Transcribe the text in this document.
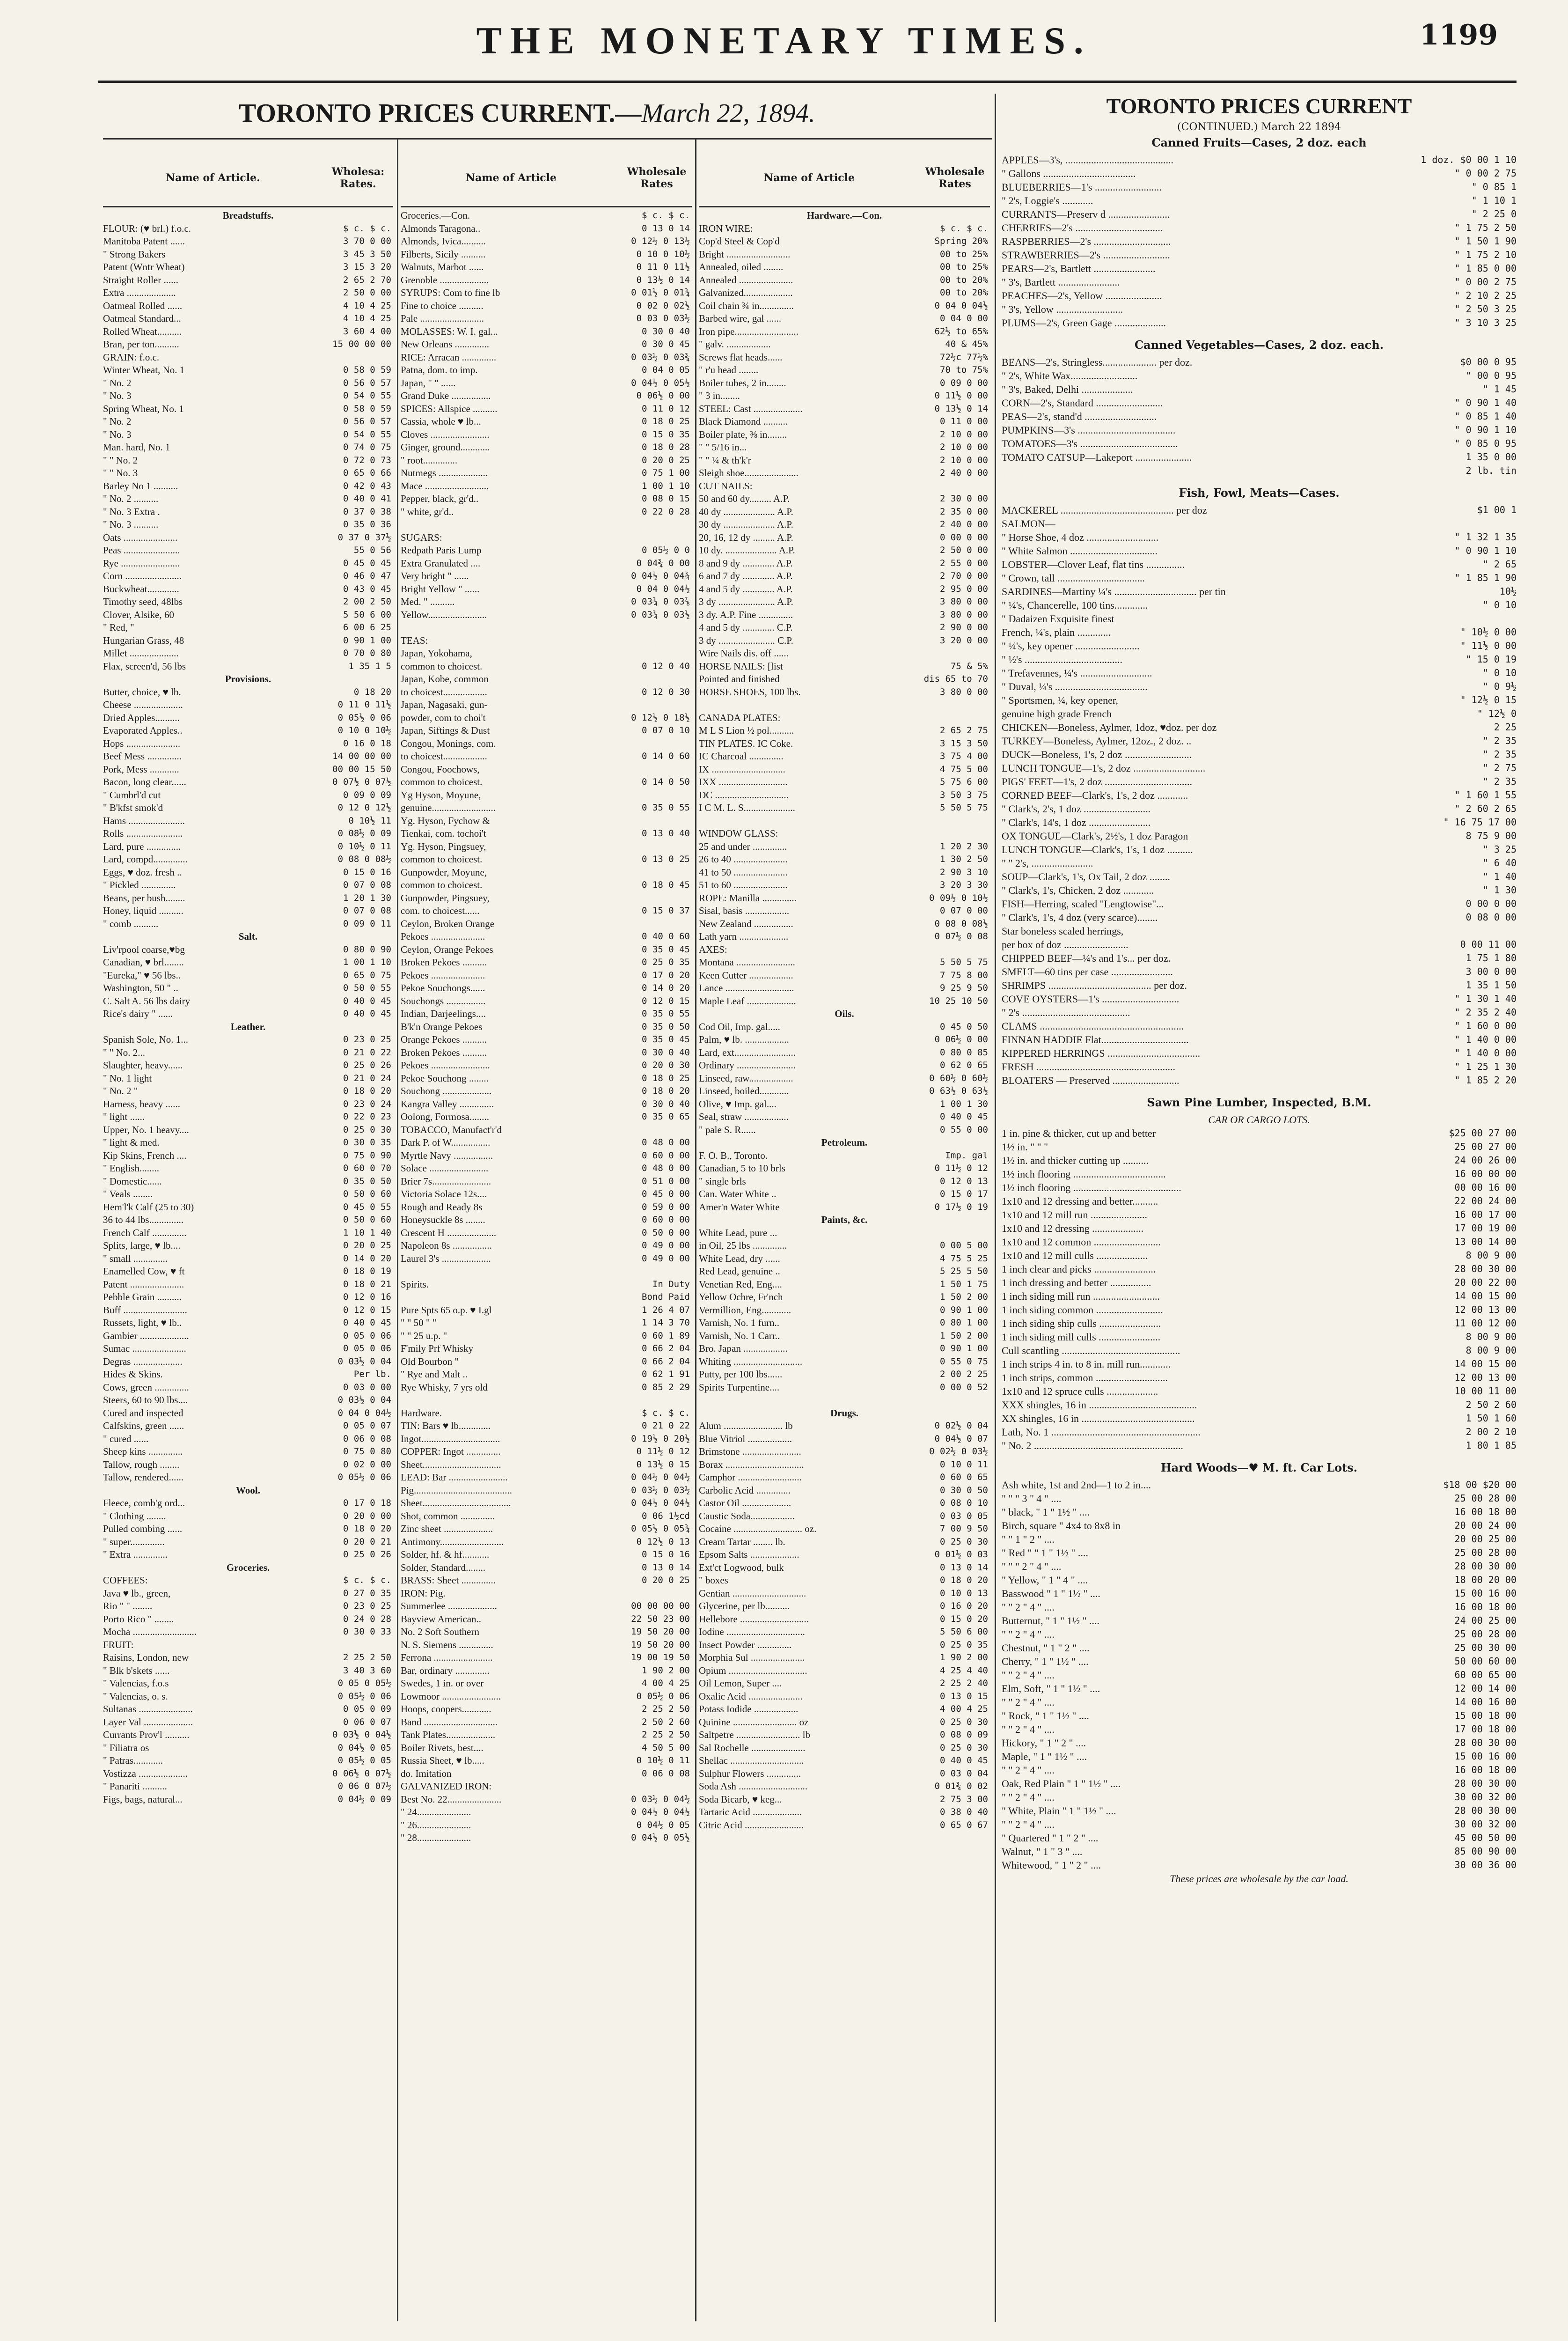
THE MONETARY TIMES.	1199
TORONTO PRICES CURRENT.—March 22, 1894.
Name of Article.	Wholesa: Rates.
Breadstuffs.
FLOUR: (♥ brl.) f.o.c.	$ c. $ c.
Manitoba Patent ......	3 70 0 00
" Strong Bakers	3 45 3 50
Patent (Wntr Wheat)	3 15 3 20
Straight Roller ......	2 65 2 70
Extra ....................	2 50 0 00
Oatmeal Rolled ......	4 10 4 25
Oatmeal Standard...	4 10 4 25
Rolled Wheat..........	3 60 4 00
Bran, per ton..........	15 00 00 00
GRAIN: f.o.c.
Winter Wheat, No. 1	0 58 0 59
" No. 2	0 56 0 57
" No. 3	0 54 0 55
Spring Wheat, No. 1	0 58 0 59
" No. 2	0 56 0 57
" No. 3	0 54 0 55
Man. hard, No. 1	0 74 0 75
" " No. 2	0 72 0 73
" " No. 3	0 65 0 66
Barley No 1 ..........	0 42 0 43
" No. 2 ..........	0 40 0 41
" No. 3 Extra .	0 37 0 38
" No. 3 ..........	0 35 0 36
Oats ......................	0 37 0 37½
Peas .......................	55 0 56
Rye ........................	0 45 0 45
Corn .......................	0 46 0 47
Buckwheat.............	0 43 0 45
Timothy seed, 48lbs	2 00 2 50
Clover, Alsike, 60	5 50 6 00
" Red, "	6 00 6 25
Hungarian Grass, 48	0 90 1 00
Millet ....................	0 70 0 80
Flax, screen'd, 56 lbs	1 35 1 5
Provisions.
Butter, choice, ♥ lb.	0 18 20
Cheese ....................	0 11 0 11½
Dried Apples..........	0 05½ 0 06
Evaporated Apples..	0 10 0 10½
Hops ......................	0 16 0 18
Beef Mess ..............	14 00 00 00
Pork, Mess ............	00 00 15 50
Bacon, long clear......	0 07½ 0 07½
" Cumbrl'd cut	0 09 0 09
" B'kfst smok'd	0 12 0 12½
Hams .......................	0 10½ 11
Rolls .......................	0 08½ 0 09
Lard, pure ..............	0 10½ 0 11
Lard, compd..............	0 08 0 08½
Eggs, ♥ doz. fresh ..	0 15 0 16
" Pickled ..............	0 07 0 08
Beans, per bush........	1 20 1 30
Honey, liquid ..........	0 07 0 08
" comb ..........	0 09 0 11
Salt.
Liv'rpool coarse,♥bg	0 80 0 90
Canadian, ♥ brl........	1 00 1 10
"Eureka," ♥ 56 lbs..	0 65 0 75
Washington, 50 " ..	0 50 0 55
C. Salt A. 56 lbs dairy	0 40 0 45
Rice's dairy " ......	0 40 0 45
Leather.
Spanish Sole, No. 1...	0 23 0 25
" " No. 2...	0 21 0 22
Slaughter, heavy......	0 25 0 26
" No. 1 light	0 21 0 24
" No. 2 "	0 18 0 20
Harness, heavy ......	0 23 0 24
" light ......	0 22 0 23
Upper, No. 1 heavy....	0 25 0 30
" light & med.	0 30 0 35
Kip Skins, French ....	0 75 0 90
" English........	0 60 0 70
" Domestic......	0 35 0 50
" Veals ........	0 50 0 60
Hem'l'k Calf (25 to 30)	0 45 0 55
36 to 44 lbs..............	0 50 0 60
French Calf ..............	1 10 1 40
Splits, large, ♥ lb....	0 20 0 25
" small ..............	0 14 0 20
Enamelled Cow, ♥ ft	0 18 0 19
Patent ......................	0 18 0 21
Pebble Grain ..........	0 12 0 16
Buff ..........................	0 12 0 15
Russets, light, ♥ lb..	0 40 0 45
Gambier ....................	0 05 0 06
Sumac ......................	0 05 0 06
Degras ....................	0 03½ 0 04
Hides & Skins.	Per lb.
Cows, green ..............	0 03 0 00
Steers, 60 to 90 lbs....	0 03½ 0 04
Cured and inspected	0 04 0 04½
Calfskins, green ......	0 05 0 07
" cured ......	0 06 0 08
Sheep kins ..............	0 75 0 80
Tallow, rough ........	0 02 0 00
Tallow, rendered......	0 05½ 0 06
Wool.
Fleece, comb'g ord...	0 17 0 18
" Clothing ........	0 20 0 00
Pulled combing ......	0 18 0 20
" super..............	0 20 0 21
" Extra ..............	0 25 0 26
Groceries.
COFFEES:	$ c. $ c.
Java ♥ lb., green,	0 27 0 35
Rio " " ........	0 23 0 25
Porto Rico " ........	0 24 0 28
Mocha ..........................	0 30 0 33
FRUIT:
Raisins, London, new	2 25 2 50
" Blk b'skets ......	3 40 3 60
" Valencias, f.o.s	0 05 0 05½
" Valencias, o. s.	0 05½ 0 06
Sultanas ......................	0 05 0 09
Layer Val ....................	0 06 0 07
Currants Prov'l ..........	0 03½ 0 04½
" Filiatra os	0 04½ 0 05
" Patras............	0 05½ 0 05
Vostizza ....................	0 06½ 0 07½
" Panariti ..........	0 06 0 07½
Figs, bags, natural...	0 04½ 0 09
Name of Article	Wholesale Rates
Groceries.—Con.	$ c. $ c.
Almonds Taragona..	0 13 0 14
Almonds, Ivica..........	0 12½ 0 13½
Filberts, Sicily ..........	0 10 0 10½
Walnuts, Marbot ......	0 11 0 11½
Grenoble ....................	0 13½ 0 14
SYRUPS: Com to fine lb	0 01½ 0 01¾
Fine to choice ..........	0 02 0 02½
Pale ..........................	0 03 0 03½
MOLASSES: W. I. gal...	0 30 0 40
New Orleans ..............	0 30 0 45
RICE: Arracan ..............	0 03½ 0 03¾
Patna, dom. to imp.	0 04 0 05
Japan, " " ......	0 04½ 0 05½
Grand Duke ................	0 06½ 0 00
SPICES: Allspice ..........	0 11 0 12
Cassia, whole ♥ lb...	0 18 0 25
Cloves ........................	0 15 0 35
Ginger, ground............	0 18 0 28
" root..............	0 20 0 25
Nutmegs ....................	0 75 1 00
Mace ..........................	1 00 1 10
Pepper, black, gr'd..	0 08 0 15
" white, gr'd..	0 22 0 28
SUGARS:
Redpath Paris Lump	0 05½ 0 0
Extra Granulated ....	0 04¾ 0 00
Very bright " ......	0 04½ 0 04¾
Bright Yellow " ......	0 04 0 04½
Med. " ..........	0 03¾ 0 03⅞
Yellow........................	0 03¾ 0 03½
TEAS:
Japan, Yokohama,
common to choicest.	0 12 0 40
Japan, Kobe, common
to choicest..................	0 12 0 30
Japan, Nagasaki, gun-
powder, com to choi't	0 12½ 0 18½
Japan, Siftings & Dust	0 07 0 10
Congou, Monings, com.
to choicest..................	0 14 0 60
Congou, Foochows,
common to choicest.	0 14 0 50
Yg Hyson, Moyune,
genuine..........................	0 35 0 55
Yg. Hyson, Fychow &
Tienkai, com. tochoi't	0 13 0 40
Yg. Hyson, Pingsuey,
common to choicest.	0 13 0 25
Gunpowder, Moyune,
common to choicest.	0 18 0 45
Gunpowder, Pingsuey,
com. to choicest......	0 15 0 37
Ceylon, Broken Orange
Pekoes ......................	0 40 0 60
Ceylon, Orange Pekoes	0 35 0 45
Broken Pekoes ..........	0 25 0 35
Pekoes ......................	0 17 0 20
Pekoe Souchongs......	0 14 0 20
Souchongs ................	0 12 0 15
Indian, Darjeelings....	0 35 0 55
B'k'n Orange Pekoes	0 35 0 50
Orange Pekoes ..........	0 35 0 45
Broken Pekoes ..........	0 30 0 40
Pekoes ........................	0 20 0 30
Pekoe Souchong ........	0 18 0 25
Souchong ....................	0 18 0 20
Kangra Valley ..............	0 30 0 40
Oolong, Formosa........	0 35 0 65
TOBACCO, Manufact'r'd
Dark P. of W................	0 48 0 00
Myrtle Navy ................	0 60 0 00
Solace ........................	0 48 0 00
Brier 7s........................	0 51 0 00
Victoria Solace 12s....	0 45 0 00
Rough and Ready 8s	0 59 0 00
Honeysuckle 8s ........	0 60 0 00
Crescent H ....................	0 50 0 00
Napoleon 8s ................	0 49 0 00
Laurel 3's ....................	0 49 0 00
Spirits.	In Duty
Bond Paid
Pure Spts 65 o.p. ♥ I.gl	1 26 4 07
" " 50 " "	1 14 3 70
" " 25 u.p. "	0 60 1 89
F'mily Prf Whisky	0 66 2 04
Old Bourbon "	0 66 2 04
" Rye and Malt ..	0 62 1 91
Rye Whisky, 7 yrs old	0 85 2 29
Hardware.	$ c. $ c.
TIN: Bars ♥ lb.............	0 21 0 22
Ingot................................	0 19½ 0 20½
COPPER: Ingot ..............	0 11½ 0 12
Sheet................................	0 13½ 0 15
LEAD: Bar ........................	0 04½ 0 04½
Pig........................................	0 03½ 0 03½
Sheet....................................	0 04½ 0 04½
Shot, common ..............	0 06 1½cd
Zinc sheet ....................	0 05½ 0 05¾
Antimony..........................	0 12½ 0 13
Solder, hf. & hf...........	0 15 0 16
Solder, Standard........	0 13 0 14
BRASS: Sheet ..............	0 20 0 25
IRON: Pig.
Summerlee ....................	00 00 00 00
Bayview American..	22 50 23 00
No. 2 Soft Southern	19 50 20 00
N. S. Siemens ..............	19 50 20 00
Ferrona ........................	19 00 19 50
Bar, ordinary ..............	1 90 2 00
Swedes, 1 in. or over	4 00 4 25
Lowmoor ........................	0 05½ 0 06
Hoops, coopers............	2 25 2 50
Band ..............................	2 50 2 60
Tank Plates....................	2 25 2 50
Boiler Rivets, best....	4 50 5 00
Russia Sheet, ♥ lb.....	0 10½ 0 11
do. Imitation	0 06 0 08
GALVANIZED IRON:
Best No. 22......................	0 03½ 0 04½
" 24......................	0 04½ 0 04½
" 26......................	0 04½ 0 05
" 28......................	0 04½ 0 05½
Name of Article	Wholesale Rates
Hardware.—Con.
IRON WIRE:	$ c. $ c.
Cop'd Steel & Cop'd	Spring 20%
Bright ..........................	00 to 25%
Annealed, oiled ........	00 to 25%
Annealed ......................	00 to 20%
Galvanized....................	00 to 20%
Coil chain ¾ in..............	0 04 0 04½
Barbed wire, gal ......	0 04 0 00
Iron pipe..........................	62½ to 65%
" galv. ..................	40 & 45%
Screws flat heads......	72½c 77½%
" r'u head ........	70 to 75%
Boiler tubes, 2 in........	0 09 0 00
" 3 in........	0 11½ 0 00
STEEL: Cast ....................	0 13½ 0 14
Black Diamond ..........	0 11 0 00
Boiler plate, ⅜ in........	2 10 0 00
" " 5/16 in...	2 10 0 00
" " ¼ & th'k'r	2 10 0 00
Sleigh shoe......................	2 40 0 00
CUT NAILS:
50 and 60 dy......... A.P.	2 30 0 00
40 dy ..................... A.P.	2 35 0 00
30 dy ..................... A.P.	2 40 0 00
20, 16, 12 dy ......... A.P.	0 00 0 00
10 dy. ..................... A.P.	2 50 0 00
8 and 9 dy ............. A.P.	2 55 0 00
6 and 7 dy ............. A.P.	2 70 0 00
4 and 5 dy ............. A.P.	2 95 0 00
3 dy ....................... A.P.	3 80 0 00
3 dy. A.P. Fine ..............	3 80 0 00
4 and 5 dy ............. C.P.	2 90 0 00
3 dy ....................... C.P.	3 20 0 00
Wire Nails dis. off ......
HORSE NAILS: [list	75 & 5%
Pointed and finished	dis 65 to 70
HORSE SHOES, 100 lbs.	3 80 0 00
CANADA PLATES:
M L S Lion ½ pol..........	2 65 2 75
TIN PLATES. IC Coke.	3 15 3 50
IC Charcoal ..............	3 75 4 00
IX ..............................	4 75 5 00
IXX ............................	5 75 6 00
DC ..............................	3 50 3 75
I C M. L. S.....................	5 50 5 75
WINDOW GLASS:
25 and under ..............	1 20 2 30
26 to 40 ......................	1 30 2 50
41 to 50 ......................	2 90 3 10
51 to 60 ......................	3 20 3 30
ROPE: Manilla ..............	0 09½ 0 10½
Sisal, basis ..................	0 07 0 00
New Zealand ................	0 08 0 08½
Lath yarn ....................	0 07½ 0 08
AXES:
Montana ........................	5 50 5 75
Keen Cutter ..................	7 75 8 00
Lance ............................	9 25 9 50
Maple Leaf ....................	10 25 10 50
Oils.
Cod Oil, Imp. gal.....	0 45 0 50
Palm, ♥ lb. ..................	0 06½ 0 00
Lard, ext.........................	0 80 0 85
Ordinary ........................	0 62 0 65
Linseed, raw..................	0 60½ 0 60½
Linseed, boiled............	0 63½ 0 63½
Olive, ♥ Imp. gal....	1 00 1 30
Seal, straw ..................	0 40 0 45
" pale S. R......	0 55 0 00
Petroleum.
F. O. B., Toronto.	Imp. gal
Canadian, 5 to 10 brls	0 11½ 0 12
" single brls	0 12 0 13
Can. Water White ..	0 15 0 17
Amer'n Water White	0 17½ 0 19
Paints, &c.
White Lead, pure ...
in Oil, 25 lbs ..............	0 00 5 00
White Lead, dry ......	4 75 5 25
Red Lead, genuine ..	5 25 5 50
Venetian Red, Eng....	1 50 1 75
Yellow Ochre, Fr'nch	1 50 2 00
Vermillion, Eng............	0 90 1 00
Varnish, No. 1 furn..	0 80 1 00
Varnish, No. 1 Carr..	1 50 2 00
Bro. Japan ..................	0 90 1 00
Whiting ............................	0 55 0 75
Putty, per 100 lbs......	2 00 2 25
Spirits Turpentine....	0 00 0 52
Drugs.
Alum ........................ lb	0 02½ 0 04
Blue Vitriol ..................	0 04½ 0 07
Brimstone ........................	0 02½ 0 03½
Borax ................................	0 10 0 11
Camphor ..........................	0 60 0 65
Carbolic Acid ..............	0 30 0 50
Castor Oil ....................	0 08 0 10
Caustic Soda..................	0 03 0 05
Cocaine ............................ oz.	7 00 9 50
Cream Tartar ........ lb.	0 25 0 30
Epsom Salts ....................	0 01½ 0 03
Ext'ct Logwood, bulk	0 13 0 14
" boxes	0 18 0 20
Gentian ..............................	0 10 0 13
Glycerine, per lb..........	0 16 0 20
Hellebore ............................	0 15 0 20
Iodine ................................	5 50 6 00
Insect Powder ..............	0 25 0 35
Morphia Sul ......................	1 90 2 00
Opium ................................	4 25 4 40
Oil Lemon, Super ....	2 25 2 40
Oxalic Acid ......................	0 13 0 15
Potass Iodide ..................	4 00 4 25
Quinine .......................... oz	0 25 0 30
Saltpetre .......................... lb	0 08 0 09
Sal Rochelle ......................	0 25 0 30
Shellac ..............................	0 40 0 45
Sulphur Flowers ..............	0 03 0 04
Soda Ash ............................	0 01¾ 0 02
Soda Bicarb, ♥ keg...	2 75 3 00
Tartaric Acid ....................	0 38 0 40
Citric Acid ........................	0 65 0 67
TORONTO PRICES CURRENT
(CONTINUED.) March 22 1894
Canned Fruits—Cases, 2 doz. each
APPLES—3's, ..........................................	1 doz. $0 00 1 10
" Gallons ....................................	" 0 00 2 75
BLUEBERRIES—1's ..........................	" 0 85 1
" 2's, Loggie's ............	" 1 10 1
CURRANTS—Preserv d ........................	" 2 25 0
CHERRIES—2's ..................................	" 1 75 2 50
RASPBERRIES—2's ..............................	" 1 50 1 90
STRAWBERRIES—2's ..........................	" 1 75 2 10
PEARS—2's, Bartlett ........................	" 1 85 0 00
" 3's, Bartlett ........................	" 0 00 2 75
PEACHES—2's, Yellow ......................	" 2 10 2 25
" 3's, Yellow ..........................	" 2 50 3 25
PLUMS—2's, Green Gage ....................	" 3 10 3 25
Canned Vegetables—Cases, 2 doz. each.
BEANS—2's, Stringless..................... per doz.	$0 00 0 95
" 2's, White Wax..........................	" 00 0 95
" 3's, Baked, Delhi ....................	" 1 45
CORN—2's, Standard ..........................	" 0 90 1 40
PEAS—2's, stand'd ............................	" 0 85 1 40
PUMPKINS—3's ......................................	" 0 90 1 10
TOMATOES—3's ......................................	" 0 85 0 95
TOMATO CATSUP—Lakeport ......................	1 35 0 00
2 lb. tin
Fish, Fowl, Meats—Cases.
MACKEREL ............................................ per doz	$1 00 1
SALMON—
" Horse Shoe, 4 doz ............................	" 1 32 1 35
" White Salmon ..................................	" 0 90 1 10
LOBSTER—Clover Leaf, flat tins ...............	" 2 65
" Crown, tall ..................................	" 1 85 1 90
SARDINES—Martiny ¼'s ................................ per tin	10½
" ¼'s, Chancerelle, 100 tins.............	" 0 10
" Dadaizen Exquisite finest
French, ¼'s, plain .............	" 10½ 0 00
" ¼'s, key opener .........................	" 11½ 0 00
" ½'s ......................................	" 15 0 19
" Trefavennes, ¼'s ............................	" 0 10
" Duval, ¼'s ....................................	" 0 9½
" Sportsmen, ¼, key opener,	" 12½ 0 15
genuine high grade French	" 12½ 0
CHICKEN—Boneless, Aylmer, 1doz, ♥doz. per doz	2 25
TURKEY—Boneless, Aylmer, 12oz., 2 doz. ..	" 2 35
DUCK—Boneless, 1's, 2 doz ..........................	" 2 35
LUNCH TONGUE—1's, 2 doz ............................	" 2 75
PIGS' FEET—1's, 2 doz ..................................	" 2 35
CORNED BEEF—Clark's, 1's, 2 doz ............	" 1 60 1 55
" Clark's, 2's, 1 doz ..........................	" 2 60 2 65
" Clark's, 14's, 1 doz ........................	" 16 75 17 00
OX TONGUE—Clark's, 2½'s, 1 doz Paragon	8 75 9 00
LUNCH TONGUE—Clark's, 1's, 1 doz ..........	" 3 25
" " 2's, ........................	" 6 40
SOUP—Clark's, 1's, Ox Tail, 2 doz ........	" 1 40
" Clark's, 1's, Chicken, 2 doz ............	" 1 30
FISH—Herring, scaled "Lengtowise"...	0 00 0 00
" Clark's, 1's, 4 doz (very scarce)........	0 08 0 00
Star boneless scaled herrings,
per box of doz .........................	0 00 11 00
CHIPPED BEEF—¼'s and 1's... per doz.	1 75 1 80
SMELT—60 tins per case ........................	3 00 0 00
SHRIMPS ........................................ per doz.	1 35 1 50
COVE OYSTERS—1's ..............................	" 1 30 1 40
" 2's ..........................................	" 2 35 2 40
CLAMS ........................................................	" 1 60 0 00
FINNAN HADDIE Flat..................................	" 1 40 0 00
KIPPERED HERRINGS ....................................	" 1 40 0 00
FRESH ......................................................	" 1 25 1 30
BLOATERS — Preserved ..........................	" 1 85 2 20
Sawn Pine Lumber, Inspected, B.M.
CAR OR CARGO LOTS.
1 in. pine & thicker, cut up and better	$25 00 27 00
1½ in. " " "	25 00 27 00
1½ in. and thicker cutting up ..........	24 00 26 00
1½ inch flooring ....................................	16 00 00 00
1½ inch flooring ..........................................	00 00 16 00
1x10 and 12 dressing and better..........	22 00 24 00
1x10 and 12 mill run ......................	16 00 17 00
1x10 and 12 dressing ....................	17 00 19 00
1x10 and 12 common ..........................	13 00 14 00
1x10 and 12 mill culls ....................	8 00 9 00
1 inch clear and picks ........................	28 00 30 00
1 inch dressing and better ................	20 00 22 00
1 inch siding mill run ..........................	14 00 15 00
1 inch siding common ..........................	12 00 13 00
1 inch siding ship culls ........................	11 00 12 00
1 inch siding mill culls ........................	8 00 9 00
Cull scantling ..............................................	8 00 9 00
1 inch strips 4 in. to 8 in. mill run............	14 00 15 00
1 inch strips, common ............................	12 00 13 00
1x10 and 12 spruce culls ....................	10 00 11 00
XXX shingles, 16 in ..........................................	2 50 2 60
XX shingles, 16 in ............................................	1 50 1 60
Lath, No. 1 ..........................................................	2 00 2 10
" No. 2 ..........................................................	1 80 1 85
Hard Woods—♥ M. ft. Car Lots.
Ash white, 1st and 2nd—1 to 2 in....	$18 00 $20 00
" " " 3 " 4 " ....	25 00 28 00
" black, " 1 " 1½ " ....	16 00 18 00
Birch, square " 4x4 to 8x8 in	20 00 24 00
" " 1 " 2 " ....	20 00 25 00
" Red " " 1 " 1½ " ....	25 00 28 00
" " " 2 " 4 " ....	28 00 30 00
" Yellow, " 1 " 4 " ....	18 00 20 00
Basswood " 1 " 1½ " ....	15 00 16 00
" " 2 " 4 " ....	16 00 18 00
Butternut, " 1 " 1½ " ....	24 00 25 00
" " 2 " 4 " ....	25 00 28 00
Chestnut, " 1 " 2 " ....	25 00 30 00
Cherry, " 1 " 1½ " ....	50 00 60 00
" " 2 " 4 " ....	60 00 65 00
Elm, Soft, " 1 " 1½ " ....	12 00 14 00
" " 2 " 4 " ....	14 00 16 00
" Rock, " 1 " 1½ " ....	15 00 18 00
" " 2 " 4 " ....	17 00 18 00
Hickory, " 1 " 2 " ....	28 00 30 00
Maple, " 1 " 1½ " ....	15 00 16 00
" " 2 " 4 " ....	16 00 18 00
Oak, Red Plain " 1 " 1½ " ....	28 00 30 00
" " 2 " 4 " ....	30 00 32 00
" White, Plain " 1 " 1½ " ....	28 00 30 00
" " 2 " 4 " ....	30 00 32 00
" Quartered " 1 " 2 " ....	45 00 50 00
Walnut, " 1 " 3 " ....	85 00 90 00
Whitewood, " 1 " 2 " ....	30 00 36 00
These prices are wholesale by the car load.
